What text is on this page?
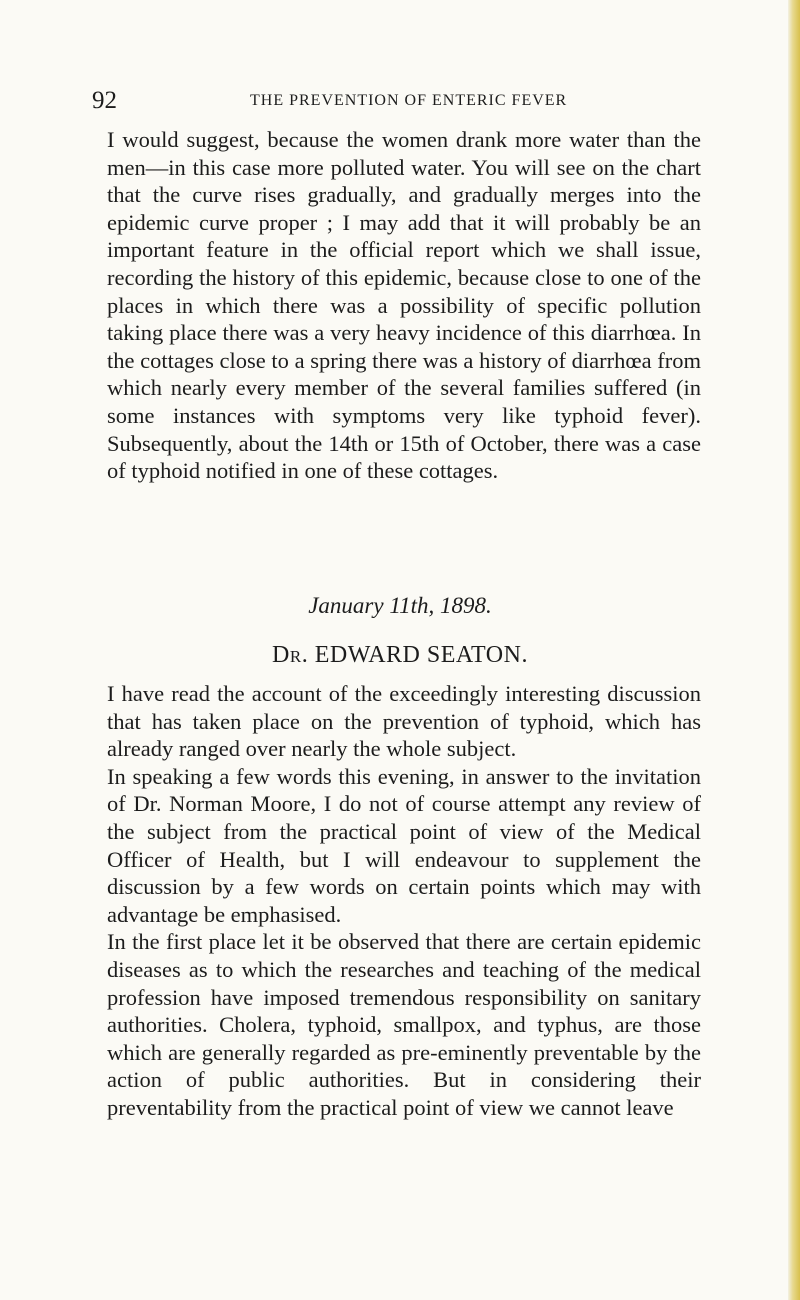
92	THE PREVENTION OF ENTERIC FEVER

I would suggest, because the women drank more water than the men—in this case more polluted water. You will see on the chart that the curve rises gradually, and gradually merges into the epidemic curve proper ; I may add that it will probably be an important feature in the official report which we shall issue, recording the history of this epidemic, because close to one of the places in which there was a possibility of specific pollution taking place there was a very heavy incidence of this diarrhœa. In the cottages close to a spring there was a history of diarrhœa from which nearly every member of the several families suffered (in some instances with symptoms very like typhoid fever). Subsequently, about the 14th or 15th of October, there was a case of typhoid notified in one of these cottages.

January 11th, 1898.
Dr. EDWARD SEATON.

I have read the account of the exceedingly interesting discussion that has taken place on the prevention of typhoid, which has already ranged over nearly the whole subject.

In speaking a few words this evening, in answer to the invitation of Dr. Norman Moore, I do not of course attempt any review of the subject from the practical point of view of the Medical Officer of Health, but I will endeavour to supplement the discussion by a few words on certain points which may with advantage be emphasised.

In the first place let it be observed that there are certain epidemic diseases as to which the researches and teaching of the medical profession have imposed tremendous responsibility on sanitary authorities. Cholera, typhoid, smallpox, and typhus, are those which are generally regarded as pre-eminently preventable by the action of public authorities. But in considering their preventability from the practical point of view we cannot leave
